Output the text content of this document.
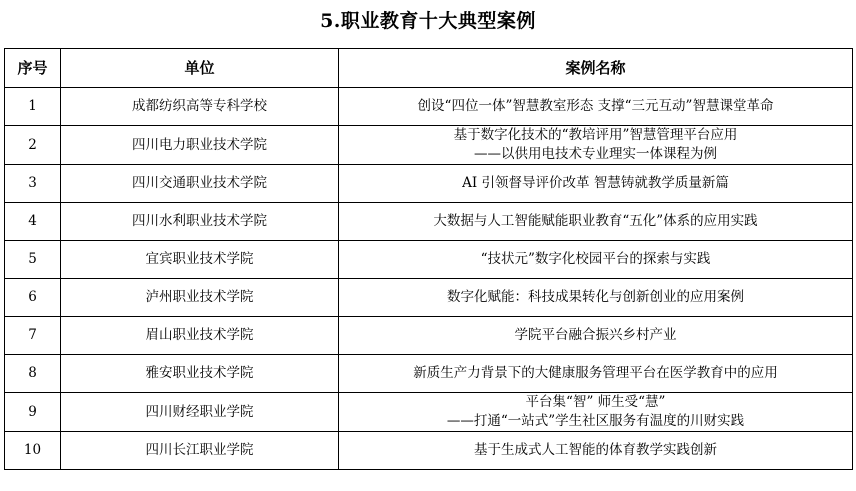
5.职业教育十大典型案例
序号	单位	案例名称
1	成都纺织高等专科学校	创设“四位一体”智慧教室形态 支撑“三元互动”智慧课堂革命

2	四川电力职业技术学院	基于数字化技术的“教培评用”智慧管理平台应用
——以供用电技术专业理实一体课程为例

3	四川交通职业技术学院	AI 引领督导评价改革 智慧铸就教学质量新篇

4	四川水利职业技术学院	大数据与人工智能赋能职业教育“五化”体系的应用实践

5	宜宾职业技术学院	“技状元”数字化校园平台的探索与实践

6	泸州职业技术学院	数字化赋能：科技成果转化与创新创业的应用案例

7	眉山职业技术学院	学院平台融合振兴乡村产业

8	雅安职业技术学院	新质生产力背景下的大健康服务管理平台在医学教育中的应用

9	四川财经职业学院	平台集“智” 师生受“慧”
——打通“一站式”学生社区服务有温度的川财实践

10	四川长江职业学院	基于生成式人工智能的体育教学实践创新
